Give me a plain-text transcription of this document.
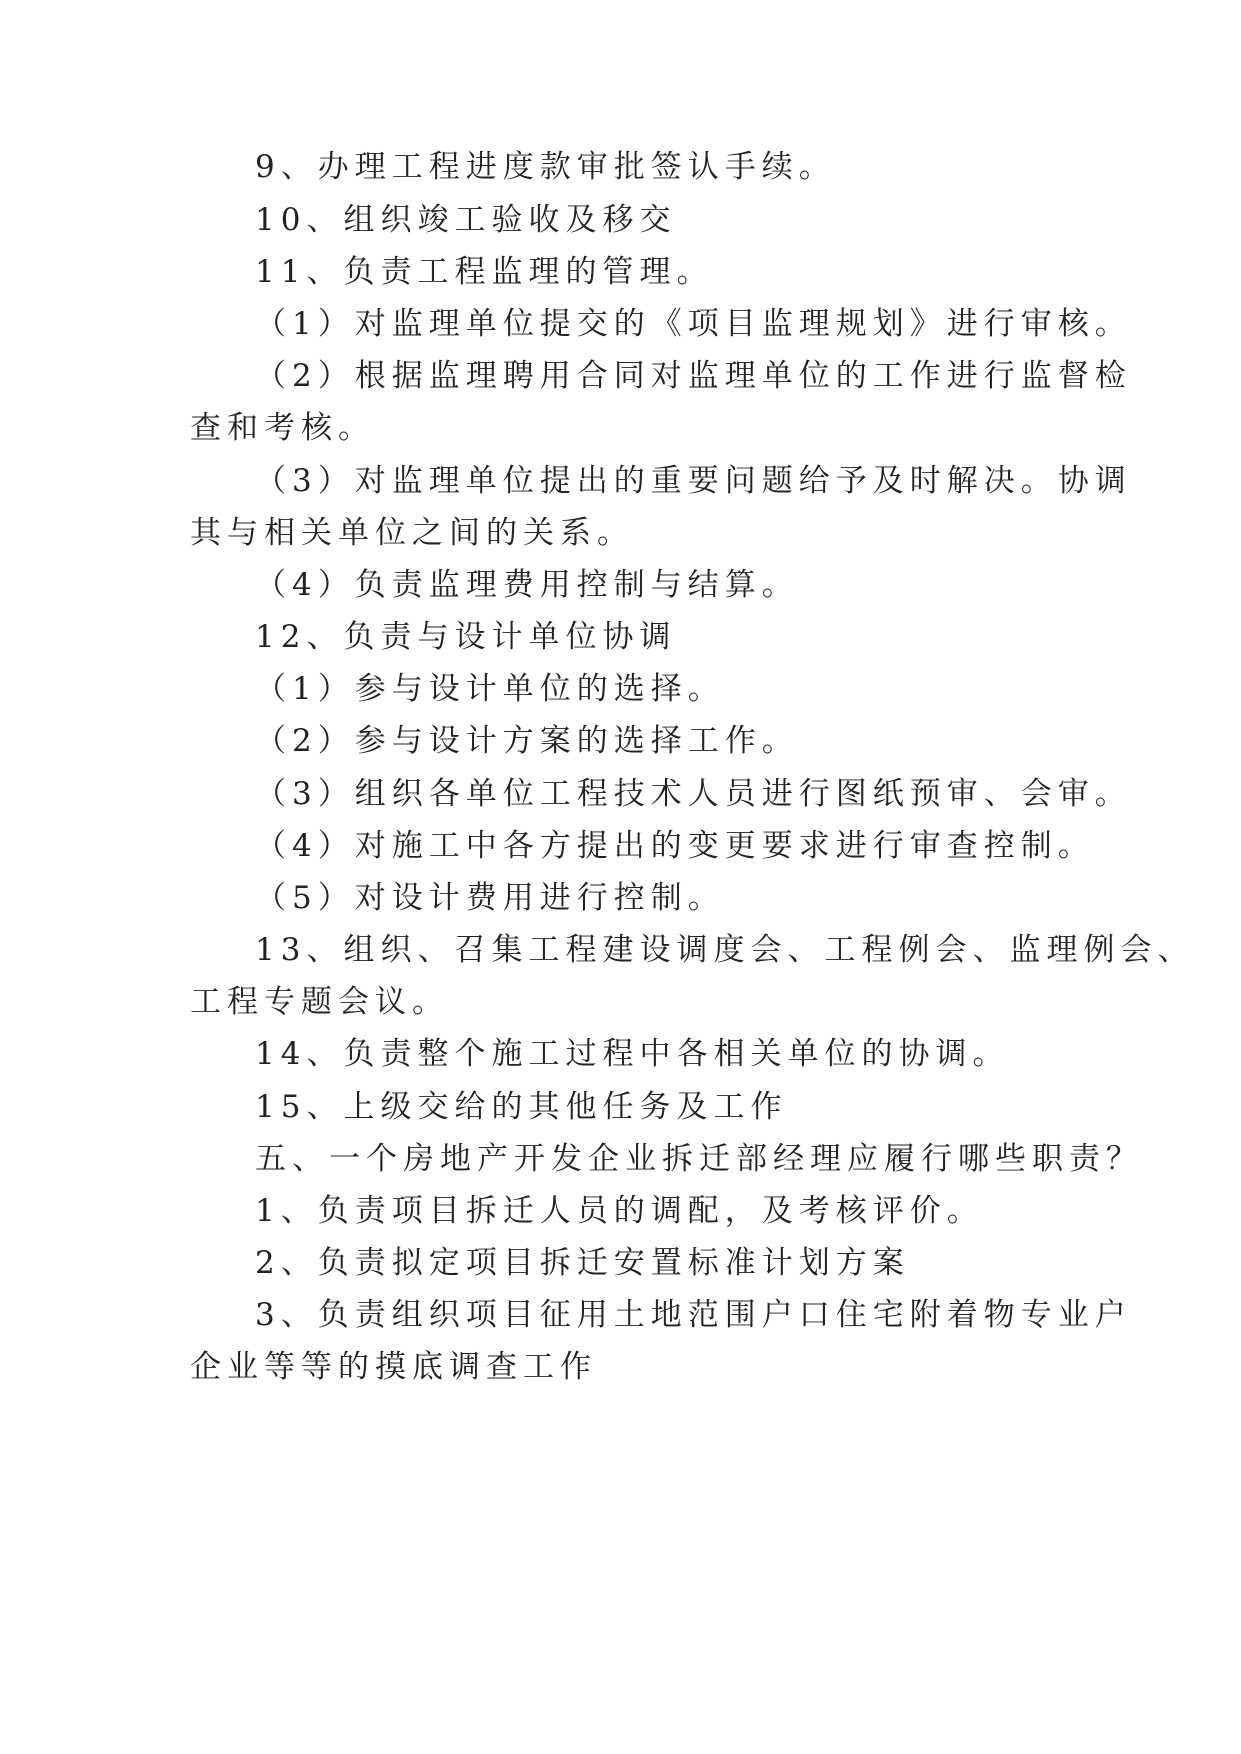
9、办理工程进度款审批签认手续。
10、组织竣工验收及移交
11、负责工程监理的管理。
（1）对监理单位提交的《项目监理规划》进行审核。
（2）根据监理聘用合同对监理单位的工作进行监督检
查和考核。
（3）对监理单位提出的重要问题给予及时解决。协调
其与相关单位之间的关系。
（4）负责监理费用控制与结算。
12、负责与设计单位协调
（1）参与设计单位的选择。
（2）参与设计方案的选择工作。
（3）组织各单位工程技术人员进行图纸预审、会审。
（4）对施工中各方提出的变更要求进行审查控制。
（5）对设计费用进行控制。
13、组织、召集工程建设调度会、工程例会、监理例会、
工程专题会议。
14、负责整个施工过程中各相关单位的协调。
15、上级交给的其他任务及工作
五、一个房地产开发企业拆迁部经理应履行哪些职责？
1、负责项目拆迁人员的调配，及考核评价。
2、负责拟定项目拆迁安置标准计划方案
3、负责组织项目征用土地范围户口住宅附着物专业户
企业等等的摸底调查工作
